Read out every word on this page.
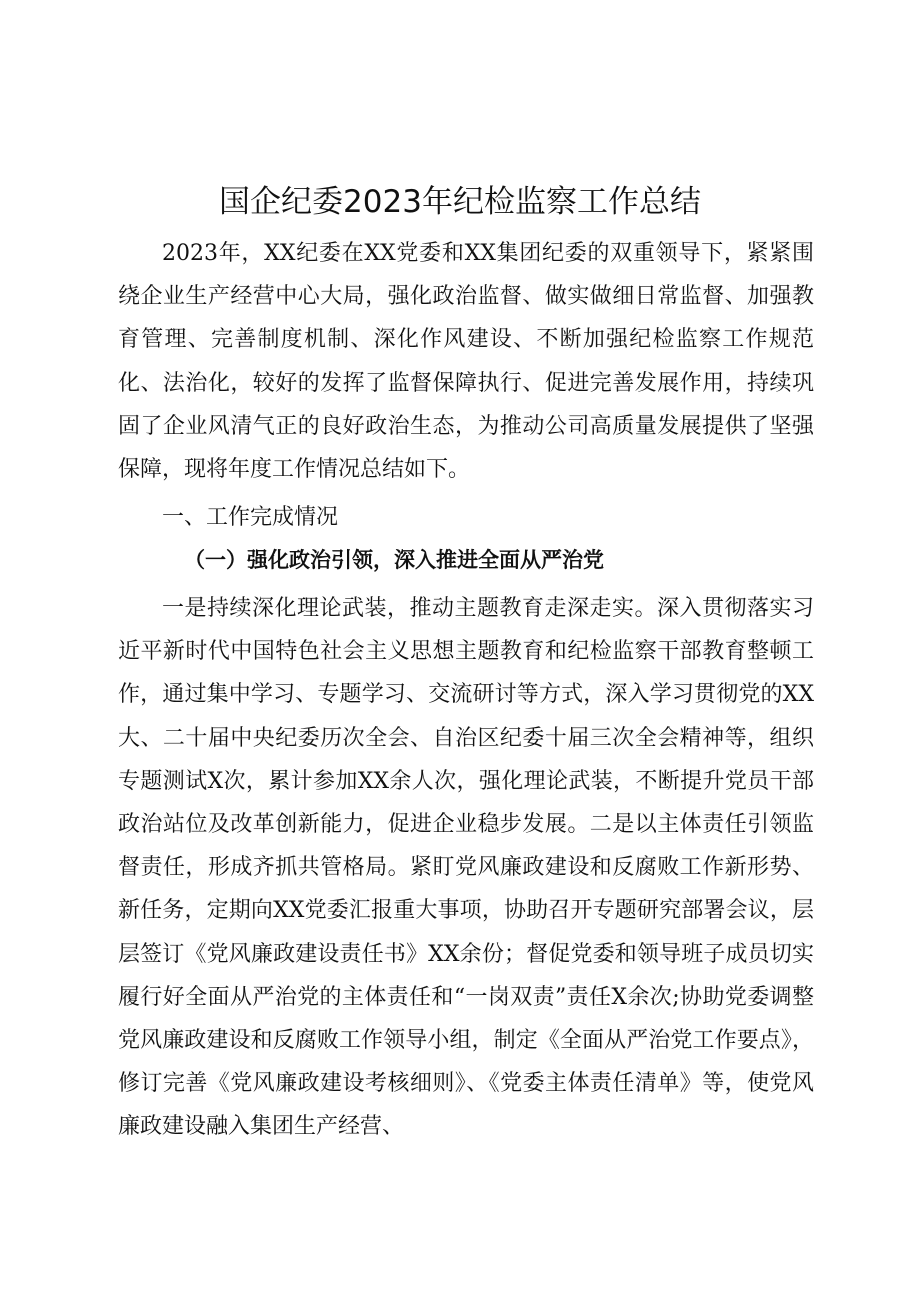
国企纪委2023年纪检监察工作总结

2023年，XX纪委在XX党委和XX集团纪委的双重领导下，紧紧围绕企业生产经营中心大局，强化政治监督、做实做细日常监督、加强教育管理、完善制度机制、深化作风建设、不断加强纪检监察工作规范化、法治化，较好的发挥了监督保障执行、促进完善发展作用，持续巩固了企业风清气正的良好政治生态，为推动公司高质量发展提供了坚强保障，现将年度工作情况总结如下。

一、工作完成情况
（一）强化政治引领，深入推进全面从严治党

一是持续深化理论武装，推动主题教育走深走实。深入贯彻落实习近平新时代中国特色社会主义思想主题教育和纪检监察干部教育整顿工作，通过集中学习、专题学习、交流研讨等方式，深入学习贯彻党的XX大、二十届中央纪委历次全会、自治区纪委十届三次全会精神等，组织专题测试X次，累计参加XX余人次，强化理论武装，不断提升党员干部政治站位及改革创新能力，促进企业稳步发展。二是以主体责任引领监督责任，形成齐抓共管格局。紧盯党风廉政建设和反腐败工作新形势、新任务，定期向XX党委汇报重大事项，协助召开专题研究部署会议，层层签订《党风廉政建设责任书》XX余份；督促党委和领导班子成员切实履行好全面从严治党的主体责任和“一岗双责”责任X余次;协助党委调整党风廉政建设和反腐败工作领导小组，制定《全面从严治党工作要点》，修订完善《党风廉政建设考核细则》、《党委主体责任清单》等，使党风廉政建设融入集团生产经营、
